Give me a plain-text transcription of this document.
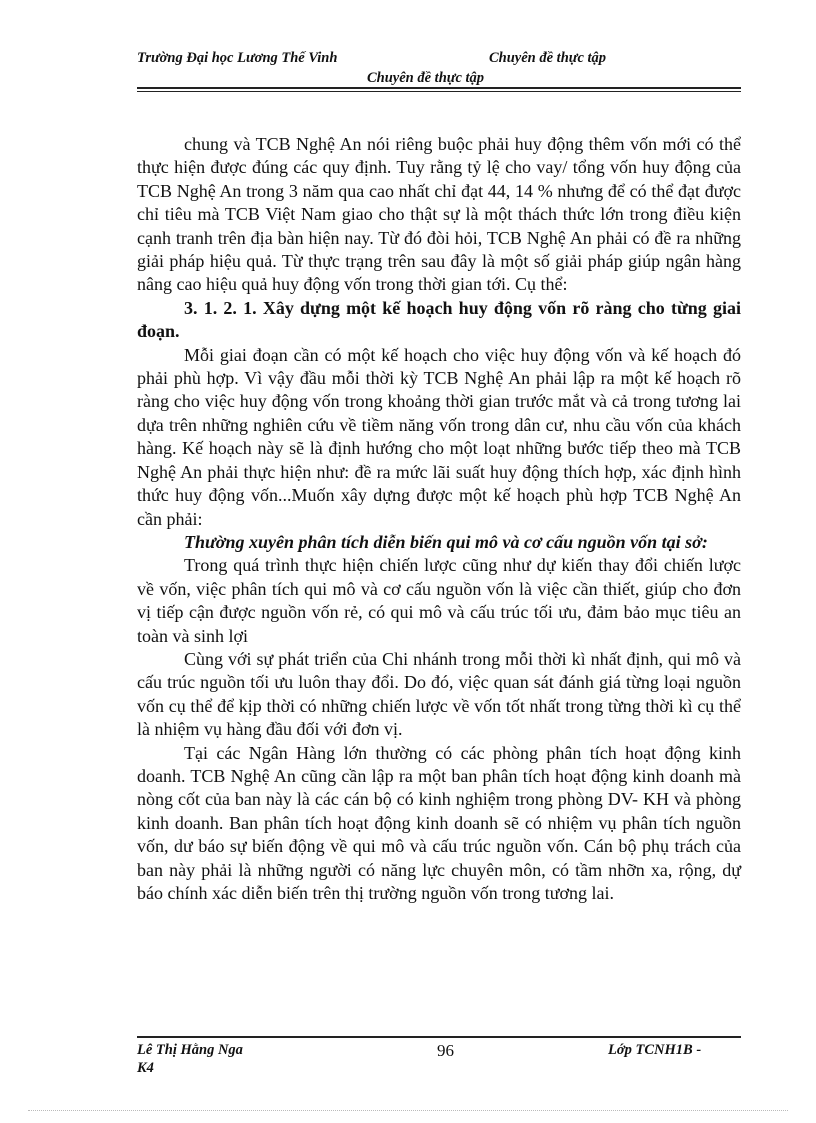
Trường Đại học Lương Thế Vinh	Chuyên đề thực tập
Chuyên đề thực tập

chung và TCB Nghệ An nói riêng buộc phải huy động thêm vốn mới có thể thực hiện được đúng các quy định. Tuy rằng tỷ lệ cho vay/ tổng vốn huy động của TCB Nghệ An trong 3 năm qua cao nhất chỉ đạt 44, 14 % nhưng để có thể đạt được chỉ tiêu mà TCB Việt Nam giao cho thật sự là một thách thức lớn trong điều kiện cạnh tranh trên địa bàn hiện nay. Từ đó đòi hỏi, TCB Nghệ An phải có đề ra những giải pháp hiệu quả. Từ thực trạng trên sau đây là một số giải pháp giúp ngân hàng nâng cao hiệu quả huy động vốn trong thời gian tới. Cụ thể:

3. 1. 2. 1. Xây dựng một kế hoạch huy động vốn rõ ràng cho từng giai đoạn.

Mỗi giai đoạn cần có một kế hoạch cho việc huy động vốn và kế hoạch đó phải phù hợp. Vì vậy đầu mỗi thời kỳ TCB Nghệ An phải lập ra một kế hoạch rõ ràng cho việc huy động vốn trong khoảng thời gian trước mắt và cả trong tương lai dựa trên những nghiên cứu về tiềm năng vốn trong dân cư, nhu cầu vốn của khách hàng. Kế hoạch này sẽ là định hướng cho một loạt những bước tiếp theo mà TCB Nghệ An phải thực hiện như: đề ra mức lãi suất huy động thích hợp, xác định hình thức huy động vốn...Muốn xây dựng được một kế hoạch phù hợp TCB Nghệ An cần phải:

Thường xuyên phân tích diễn biến qui mô và cơ cấu nguồn vốn tại sở:

Trong quá trình thực hiện chiến lược cũng như dự kiến thay đổi chiến lược về vốn, việc phân tích qui mô và cơ cấu nguồn vốn là việc cần thiết, giúp cho đơn vị tiếp cận được nguồn vốn rẻ, có qui mô và cấu trúc tối ưu, đảm bảo mục tiêu an toàn và sinh lợi

Cùng với sự phát triển của Chi nhánh trong mỗi thời kì nhất định, qui mô và cấu trúc nguồn tối ưu luôn thay đổi. Do đó, việc quan sát đánh giá từng loại nguồn vốn cụ thể để kịp thời có những chiến lược về vốn tốt nhất trong từng thời kì cụ thể là nhiệm vụ hàng đầu đối với đơn vị.

Tại các Ngân Hàng lớn thường có các phòng phân tích hoạt động kinh doanh. TCB Nghệ An cũng cần lập ra một ban phân tích hoạt động kinh doanh mà nòng cốt của ban này là các cán bộ có kinh nghiệm trong phòng DV- KH và phòng kinh doanh. Ban phân tích hoạt động kinh doanh sẽ có nhiệm vụ phân tích nguồn vốn, dư báo sự biến động về qui mô và cấu trúc nguồn vốn. Cán bộ phụ trách của ban này phải là những người có năng lực chuyên môn, có tầm nhỡn xa, rộng, dự báo chính xác diễn biến trên thị trường nguồn vốn trong tương lai.

Lê Thị Hằng Nga
K4
96	Lớp TCNH1B -
